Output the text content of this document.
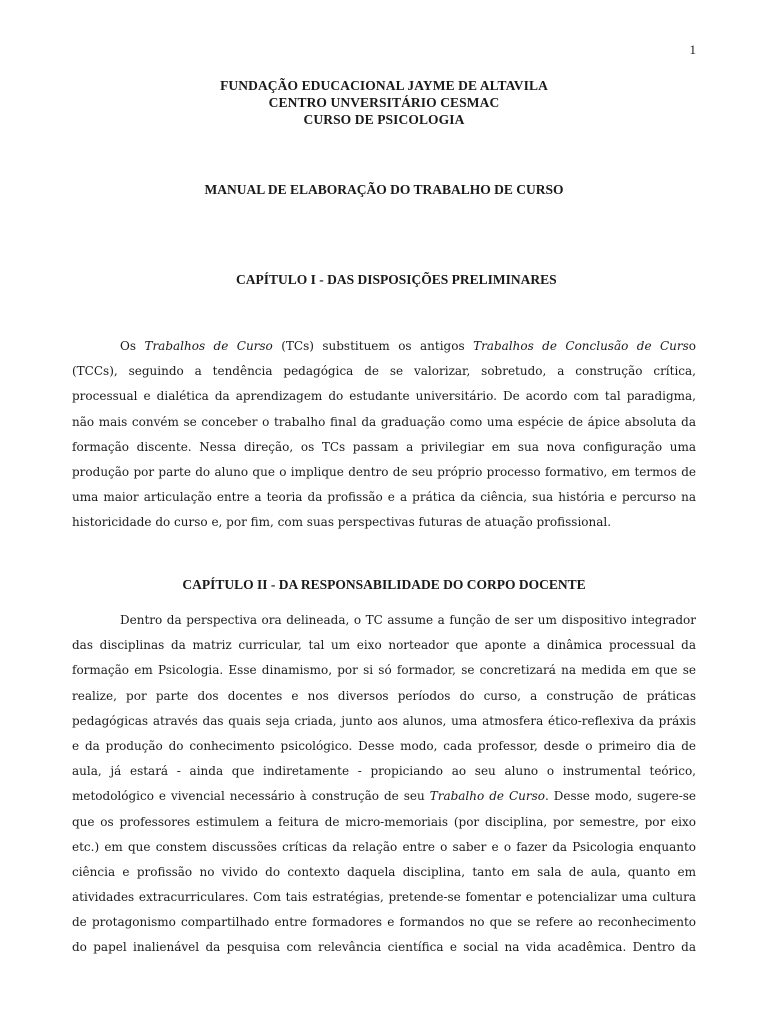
1
FUNDAÇÃO EDUCACIONAL JAYME DE ALTAVILA
CENTRO UNVERSITÁRIO CESMAC
CURSO DE PSICOLOGIA
MANUAL DE ELABORAÇÃO DO TRABALHO DE CURSO
CAPÍTULO I - DAS DISPOSIÇÕES PRELIMINARES
Os Trabalhos de Curso (TCs) substituem os antigos Trabalhos de Conclusão de Curso
(TCCs), seguindo a tendência pedagógica de se valorizar, sobretudo, a construção crítica,
processual e dialética da aprendizagem do estudante universitário. De acordo com tal paradigma,
não mais convém se conceber o trabalho final da graduação como uma espécie de ápice absoluta da
formação discente. Nessa direção, os TCs passam a privilegiar em sua nova configuração uma
produção por parte do aluno que o implique dentro de seu próprio processo formativo, em termos de
uma maior articulação entre a teoria da profissão e a prática da ciência, sua história e percurso na
historicidade do curso e, por fim, com suas perspectivas futuras de atuação profissional.
CAPÍTULO II - DA RESPONSABILIDADE DO CORPO DOCENTE
Dentro da perspectiva ora delineada, o TC assume a função de ser um dispositivo integrador
das disciplinas da matriz curricular, tal um eixo norteador que aponte a dinâmica processual da
formação em Psicologia. Esse dinamismo, por si só formador, se concretizará na medida em que se
realize, por parte dos docentes e nos diversos períodos do curso, a construção de práticas
pedagógicas através das quais seja criada, junto aos alunos, uma atmosfera ético-reflexiva da práxis
e da produção do conhecimento psicológico. Desse modo, cada professor, desde o primeiro dia de
aula, já estará - ainda que indiretamente - propiciando ao seu aluno o instrumental teórico,
metodológico e vivencial necessário à construção de seu Trabalho de Curso. Desse modo, sugere-se
que os professores estimulem a feitura de micro-memoriais (por disciplina, por semestre, por eixo
etc.) em que constem discussões críticas da relação entre o saber e o fazer da Psicologia enquanto
ciência e profissão no vivido do contexto daquela disciplina, tanto em sala de aula, quanto em
atividades extracurriculares. Com tais estratégias, pretende-se fomentar e potencializar uma cultura
de protagonismo compartilhado entre formadores e formandos no que se refere ao reconhecimento
do papel inalienável da pesquisa com relevância científica e social na vida acadêmica. Dentro da
